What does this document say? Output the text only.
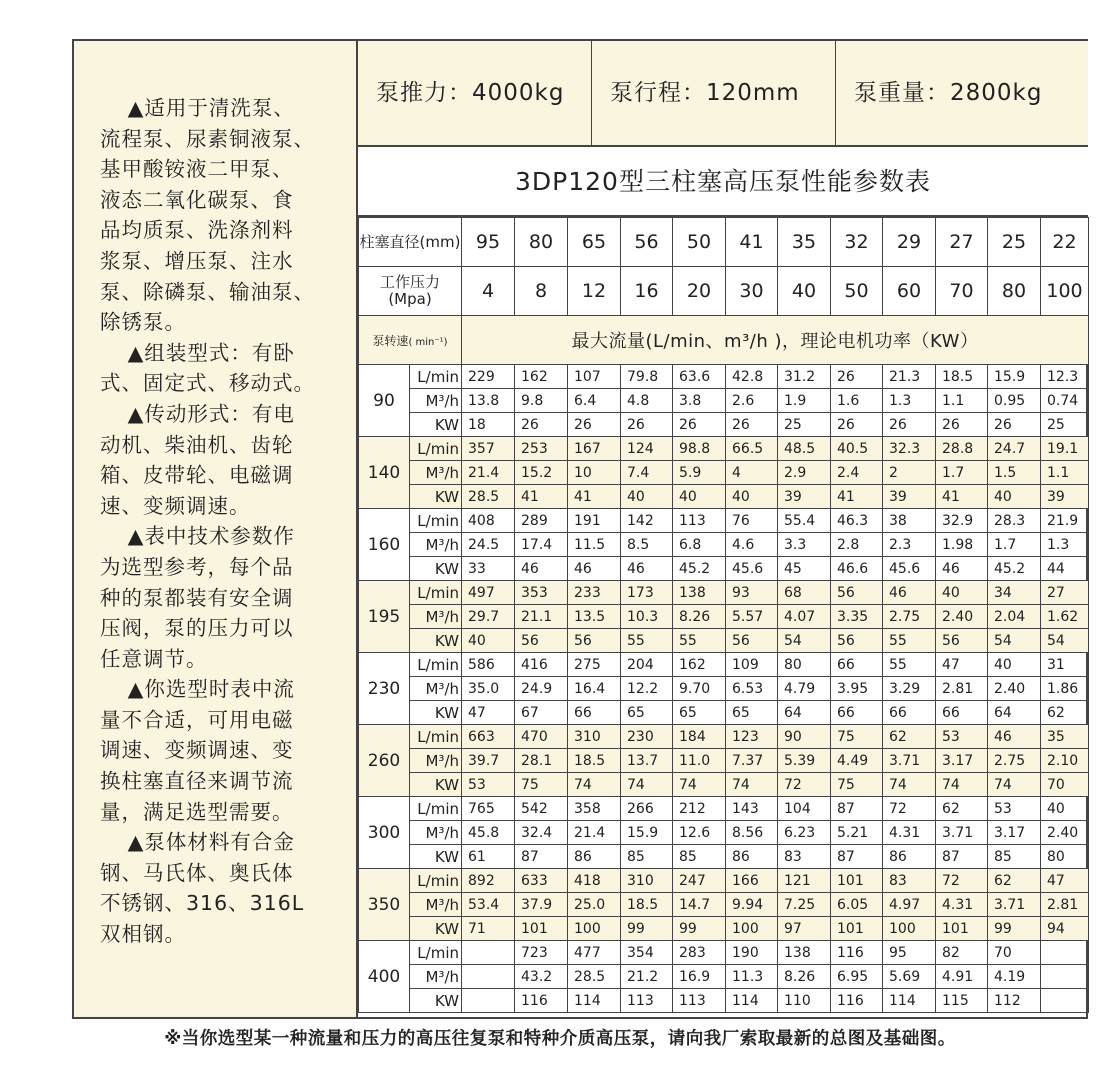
▲适用于清洗泵、

流程泵、尿素铜液泵、

基甲酸铵液二甲泵、

液态二氧化碳泵、食

品均质泵、洗涤剂料

浆泵、增压泵、注水

泵、除磷泵、输油泵、

除锈泵。

▲组装型式：有卧

式、固定式、移动式。

▲传动形式：有电

动机、柴油机、齿轮

箱、皮带轮、电磁调

速、变频调速。

▲表中技术参数作

为选型参考，每个品

种的泵都装有安全调

压阀，泵的压力可以

任意调节。

▲你选型时表中流

量不合适，可用电磁

调速、变频调速、变

换柱塞直径来调节流

量，满足选型需要。

▲泵体材料有合金

钢、马氏体、奥氏体

不锈钢、316、316L

双相钢。

泵推力：4000kg	泵行程：120mm	泵重量：2800kg
3DP120型三柱塞高压泵性能参数表
柱塞直径(mm)		95	80	65	56	50	41	35	32	29	27	25	22
工作压力(Mpa)		4	8	12	16	20	30	40	50	60	70	80	100
泵转速( min⁻¹)		最大流量(L/min、m³/h )，理论电机功率（KW）											
90	L/min	229	162	107	79.8	63.6	42.8	31.2	26	21.3	18.5	15.9	12.3
	M³/h	13.8	9.8	6.4	4.8	3.8	2.6	1.9	1.6	1.3	1.1	0.95	0.74
	KW	18	26	26	26	26	26	25	26	26	26	26	25
140	L/min	357	253	167	124	98.8	66.5	48.5	40.5	32.3	28.8	24.7	19.1
	M³/h	21.4	15.2	10	7.4	5.9	4	2.9	2.4	2	1.7	1.5	1.1
	KW	28.5	41	41	40	40	40	39	41	39	41	40	39
160	L/min	408	289	191	142	113	76	55.4	46.3	38	32.9	28.3	21.9
	M³/h	24.5	17.4	11.5	8.5	6.8	4.6	3.3	2.8	2.3	1.98	1.7	1.3
	KW	33	46	46	46	45.2	45.6	45	46.6	45.6	46	45.2	44
195	L/min	497	353	233	173	138	93	68	56	46	40	34	27
	M³/h	29.7	21.1	13.5	10.3	8.26	5.57	4.07	3.35	2.75	2.40	2.04	1.62
	KW	40	56	56	55	55	56	54	56	55	56	54	54
230	L/min	586	416	275	204	162	109	80	66	55	47	40	31
	M³/h	35.0	24.9	16.4	12.2	9.70	6.53	4.79	3.95	3.29	2.81	2.40	1.86
	KW	47	67	66	65	65	65	64	66	66	66	64	62
260	L/min	663	470	310	230	184	123	90	75	62	53	46	35
	M³/h	39.7	28.1	18.5	13.7	11.0	7.37	5.39	4.49	3.71	3.17	2.75	2.10
	KW	53	75	74	74	74	74	72	75	74	74	74	70
300	L/min	765	542	358	266	212	143	104	87	72	62	53	40
	M³/h	45.8	32.4	21.4	15.9	12.6	8.56	6.23	5.21	4.31	3.71	3.17	2.40
	KW	61	87	86	85	85	86	83	87	86	87	85	80
350	L/min	892	633	418	310	247	166	121	101	83	72	62	47
	M³/h	53.4	37.9	25.0	18.5	14.7	9.94	7.25	6.05	4.97	4.31	3.71	2.81
	KW	71	101	100	99	99	100	97	101	100	101	99	94
400	L/min		723	477	354	283	190	138	116	95	82	70	
	M³/h		43.2	28.5	21.2	16.9	11.3	8.26	6.95	5.69	4.91	4.19	
	KW		116	114	113	113	114	110	116	114	115	112	
※当你选型某一种流量和压力的高压往复泵和特种介质高压泵，请向我厂索取最新的总图及基础图。
